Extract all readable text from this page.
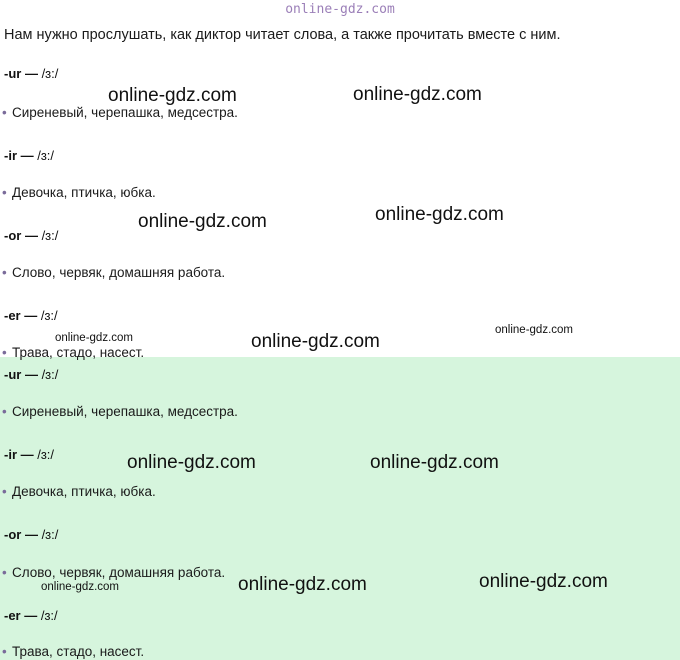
online-gdz.com
Нам нужно прослушать, как диктор читает слова, а также прочитать вместе с ним.
-ur — /ɜ:/
• Сиреневый, черепашка, медсестра.
-ir — /ɜ:/
• Девочка, птичка, юбка.
-or — /ɜ:/
• Слово, червяк, домашняя работа.
-er — /ɜ:/
• Трава, стадо, насест.
-ur — /ɜ:/
• Сиреневый, черепашка, медсестра.
-ir — /ɜ:/
• Девочка, птичка, юбка.
-or — /ɜ:/
• Слово, червяк, домашняя работа.
-er — /ɜ:/
• Трава, стадо, насест.
online-gdz.com	online-gdz.com
online-gdz.com	online-gdz.com
online-gdz.com	online-gdz.com
online-gdz.com
online-gdz.com	online-gdz.com
online-gdz.com	online-gdz.com	online-gdz.com
